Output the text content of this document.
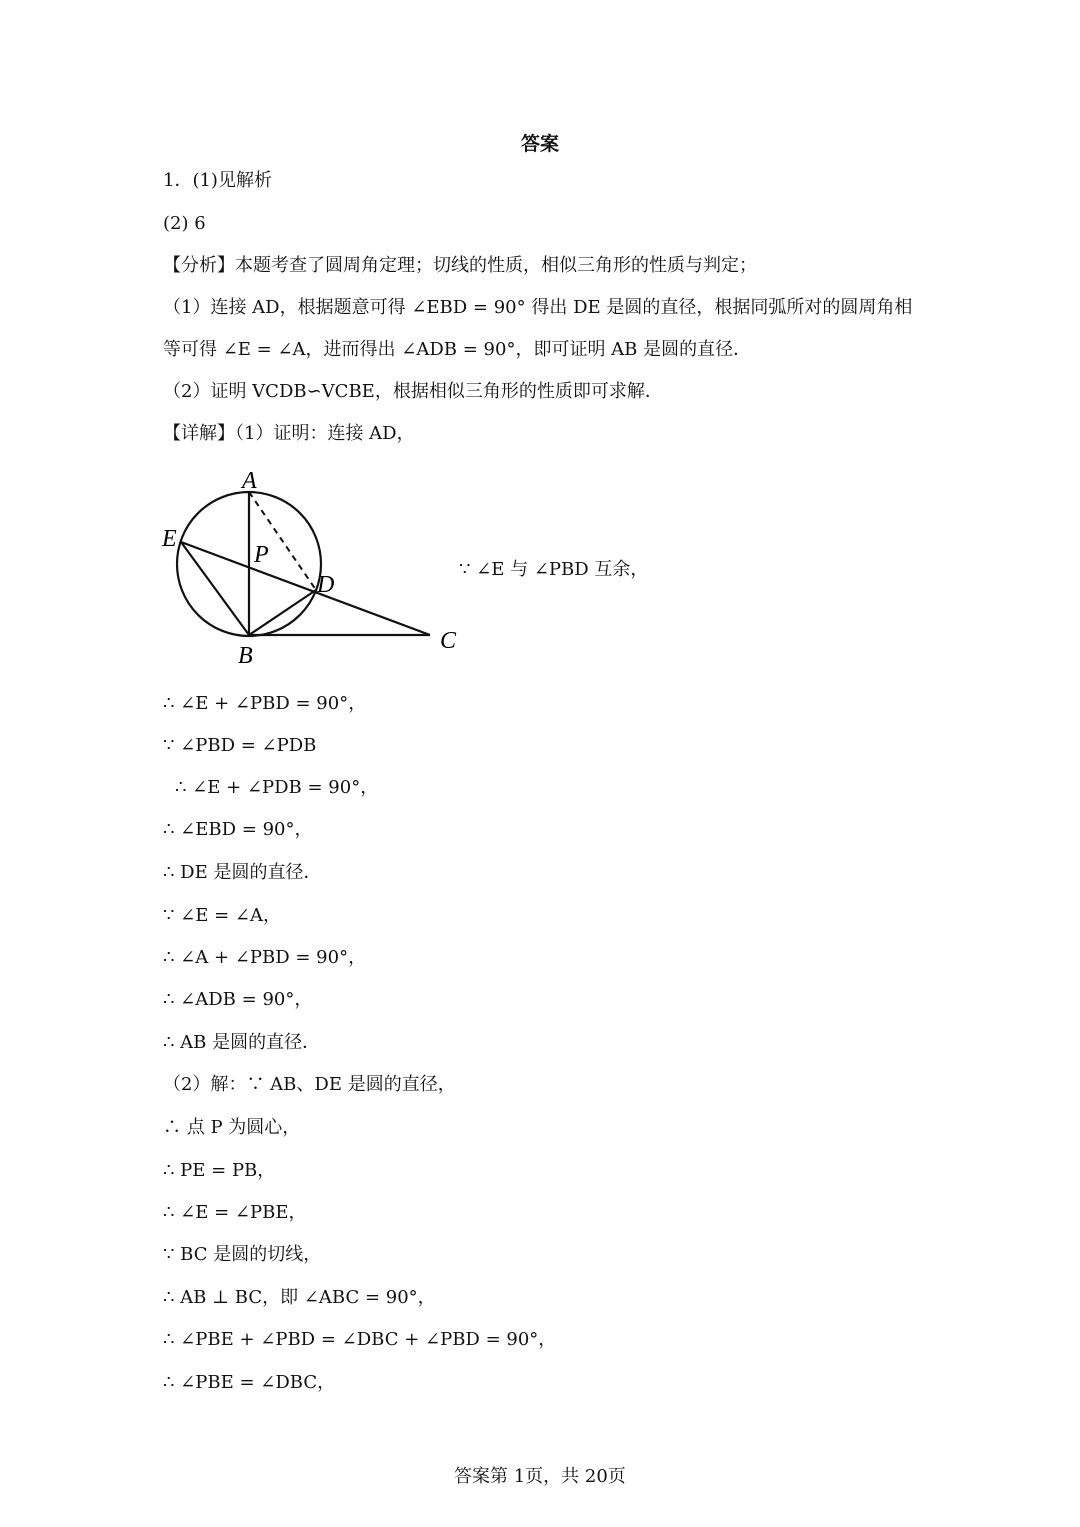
答案
1．(1)见解析
(2) 6
【分析】本题考查了圆周角定理；切线的性质，相似三角形的性质与判定；
（1）连接 AD，根据题意可得 ∠EBD = 90° 得出 DE 是圆的直径，根据同弧所对的圆周角相
等可得 ∠E = ∠A，进而得出 ∠ADB = 90°，即可证明 AB 是圆的直径．
（2）证明 VCDB∽VCBE，根据相似三角形的性质即可求解．
【详解】（1）证明：连接 AD，
A
E
P
D
B
C
∵ ∠E 与 ∠PBD 互余，
∴ ∠E + ∠PBD = 90°，
∵ ∠PBD = ∠PDB
∴ ∠E + ∠PDB = 90°，
∴ ∠EBD = 90°，
∴ DE 是圆的直径．
∵ ∠E = ∠A，
∴ ∠A + ∠PBD = 90°，
∴ ∠ADB = 90°，
∴ AB 是圆的直径．
（2）解：∵ AB、DE 是圆的直径，
∴ 点 P 为圆心，
∴ PE = PB，
∴ ∠E = ∠PBE，
∵ BC 是圆的切线，
∴ AB ⊥ BC，即 ∠ABC = 90°，
∴ ∠PBE + ∠PBD = ∠DBC + ∠PBD = 90°，
∴ ∠PBE = ∠DBC，
答案第 1页，共 20页
